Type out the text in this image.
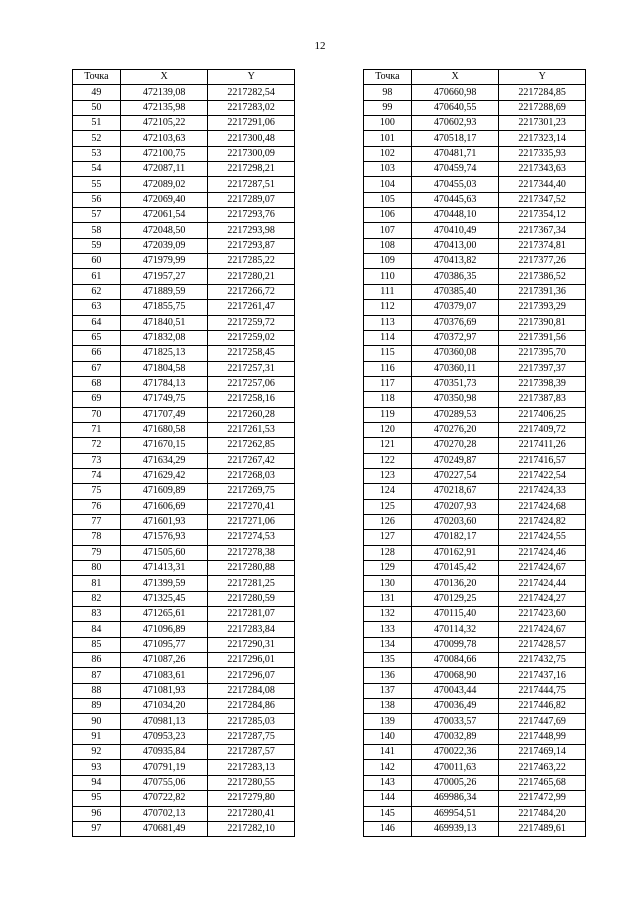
12
Точка	X	Y
49	472139,08	2217282,54
50	472135,98	2217283,02
51	472105,22	2217291,06
52	472103,63	2217300,48
53	472100,75	2217300,09
54	472087,11	2217298,21
55	472089,02	2217287,51
56	472069,40	2217289,07
57	472061,54	2217293,76
58	472048,50	2217293,98
59	472039,09	2217293,87
60	471979,99	2217285,22
61	471957,27	2217280,21
62	471889,59	2217266,72
63	471855,75	2217261,47
64	471840,51	2217259,72
65	471832,08	2217259,02
66	471825,13	2217258,45
67	471804,58	2217257,31
68	471784,13	2217257,06
69	471749,75	2217258,16
70	471707,49	2217260,28
71	471680,58	2217261,53
72	471670,15	2217262,85
73	471634,29	2217267,42
74	471629,42	2217268,03
75	471609,89	2217269,75
76	471606,69	2217270,41
77	471601,93	2217271,06
78	471576,93	2217274,53
79	471505,60	2217278,38
80	471413,31	2217280,88
81	471399,59	2217281,25
82	471325,45	2217280,59
83	471265,61	2217281,07
84	471096,89	2217283,84
85	471095,77	2217290,31
86	471087,26	2217296,01
87	471083,61	2217296,07
88	471081,93	2217284,08
89	471034,20	2217284,86
90	470981,13	2217285,03
91	470953,23	2217287,75
92	470935,84	2217287,57
93	470791,19	2217283,13
94	470755,06	2217280,55
95	470722,82	2217279,80
96	470702,13	2217280,41
97	470681,49	2217282,10
Точка	X	Y
98	470660,98	2217284,85
99	470640,55	2217288,69
100	470602,93	2217301,23
101	470518,17	2217323,14
102	470481,71	2217335,93
103	470459,74	2217343,63
104	470455,03	2217344,40
105	470445,63	2217347,52
106	470448,10	2217354,12
107	470410,49	2217367,34
108	470413,00	2217374,81
109	470413,82	2217377,26
110	470386,35	2217386,52
111	470385,40	2217391,36
112	470379,07	2217393,29
113	470376,69	2217390,81
114	470372,97	2217391,56
115	470360,08	2217395,70
116	470360,11	2217397,37
117	470351,73	2217398,39
118	470350,98	2217387,83
119	470289,53	2217406,25
120	470276,20	2217409,72
121	470270,28	2217411,26
122	470249,87	2217416,57
123	470227,54	2217422,54
124	470218,67	2217424,33
125	470207,93	2217424,68
126	470203,60	2217424,82
127	470182,17	2217424,55
128	470162,91	2217424,46
129	470145,42	2217424,67
130	470136,20	2217424,44
131	470129,25	2217424,27
132	470115,40	2217423,60
133	470114,32	2217424,67
134	470099,78	2217428,57
135	470084,66	2217432,75
136	470068,90	2217437,16
137	470043,44	2217444,75
138	470036,49	2217446,82
139	470033,57	2217447,69
140	470032,89	2217448,99
141	470022,36	2217469,14
142	470011,63	2217463,22
143	470005,26	2217465,68
144	469986,34	2217472,99
145	469954,51	2217484,20
146	469939,13	2217489,61
